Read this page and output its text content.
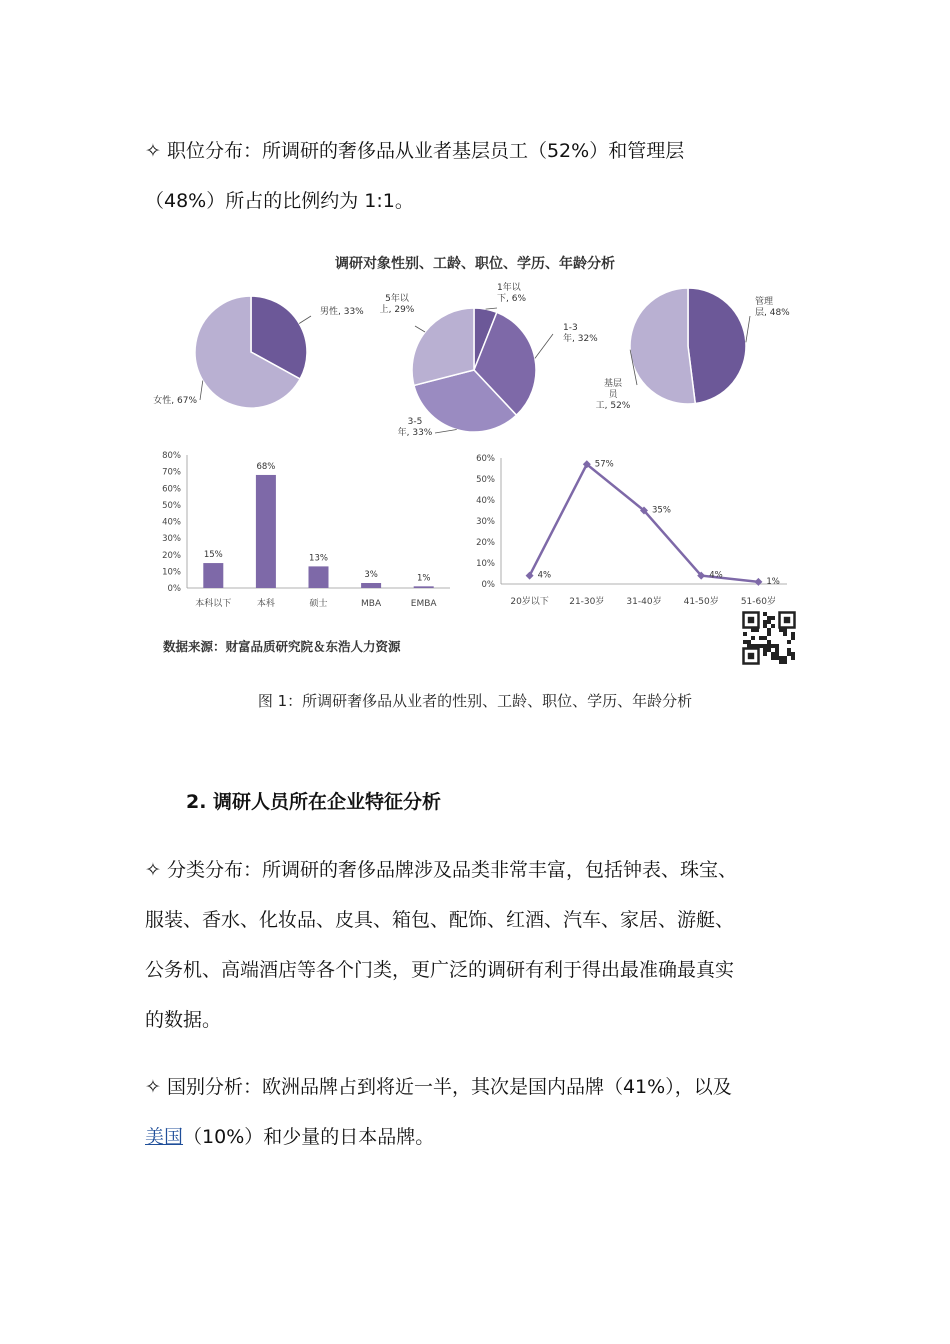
✧ 职位分布：所调研的奢侈品从业者基层员工（52%）和管理层
（48%）所占的比例约为 1:1。
调研对象性别、工龄、职位、学历、年龄分析
男性, 33%
女性, 67%
1年以下, 6%
1-3 年, 32%
3-5 年, 33%
5年以上, 29%
管理层, 48%
基层员工, 52%
0%
10%
20%
30%
40%
50%
60%
70%
80%
15%
本科以下
68%
本科
13%
硕士
3%
MBA
1%
EMBA
0%
10%
20%
30%
40%
50%
60%
4%
20岁以下
57%
21-30岁
35%
31-40岁
4%
41-50岁
1%
51-60岁
数据来源：财富品质研究院＆东浩人力资源
图 1：所调研奢侈品从业者的性别、工龄、职位、学历、年龄分析
2. 调研人员所在企业特征分析
✧ 分类分布：所调研的奢侈品牌涉及品类非常丰富，包括钟表、珠宝、
服装、香水、化妆品、皮具、箱包、配饰、红酒、汽车、家居、游艇、
公务机、高端酒店等各个门类，更广泛的调研有利于得出最准确最真实
的数据。
✧ 国别分析：欧洲品牌占到将近一半，其次是国内品牌（41%），以及
美国（10%）和少量的日本品牌。
